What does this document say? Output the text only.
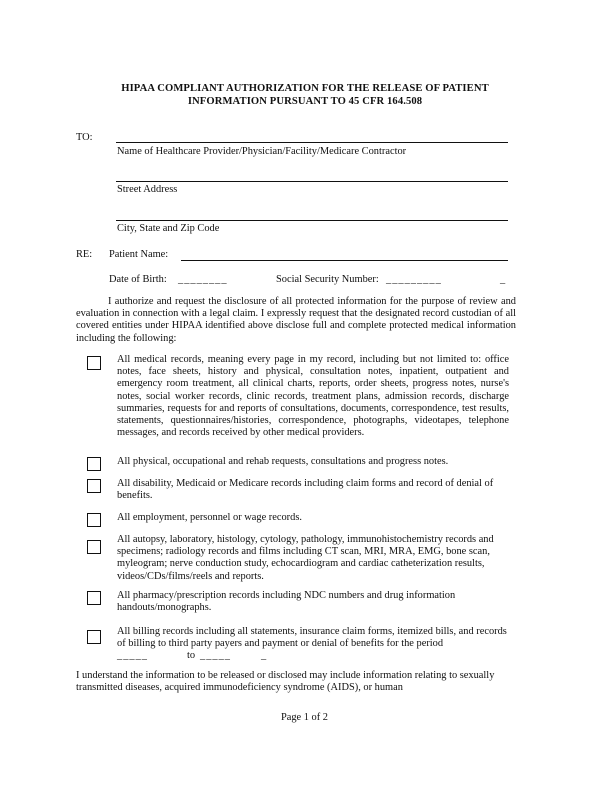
HIPAA COMPLIANT AUTHORIZATION FOR THE RELEASE OF PATIENT
INFORMATION PURSUANT TO 45 CFR 164.508
TO:
Name of Healthcare Provider/Physician/Facility/Medicare Contractor
Street Address
City, State and Zip Code
RE: Patient Name:
Date of Birth: ________	Social Security Number: _________	_
I authorize and request the disclosure of all protected information for the purpose of review and evaluation in connection with a legal claim. I expressly request that the designated record custodian of all covered entities under HIPAA identified above disclose full and complete protected medical information including the following:
All medical records, meaning every page in my record, including but not limited to: office notes, face sheets, history and physical, consultation notes, inpatient, outpatient and emergency room treatment, all clinical charts, reports, order sheets, progress notes, nurse's notes, social worker records, clinic records, treatment plans, admission records, discharge summaries, requests for and reports of consultations, documents, correspondence, test results, statements, questionnaires/histories, correspondence, photographs, videotapes, telephone messages, and records received by other medical providers.
All physical, occupational and rehab requests, consultations and progress notes.
All disability, Medicaid or Medicare records including claim forms and record of denial of benefits.
All employment, personnel or wage records.
All autopsy, laboratory, histology, cytology, pathology, immunohistochemistry records and specimens; radiology records and films including CT scan, MRI, MRA, EMG, bone scan, myleogram; nerve conduction study, echocardiogram and cardiac catheterization results, videos/CDs/films/reels and reports.
All pharmacy/prescription records including NDC numbers and drug information handouts/monographs.
All billing records including all statements, insurance claim forms, itemized bills, and records of billing to third party payers and payment or denial of benefits for the period
_____	to _____	_
I understand the information to be released or disclosed may include information relating to sexually transmitted diseases, acquired immunodeficiency syndrome (AIDS), or human
Page 1 of 2
